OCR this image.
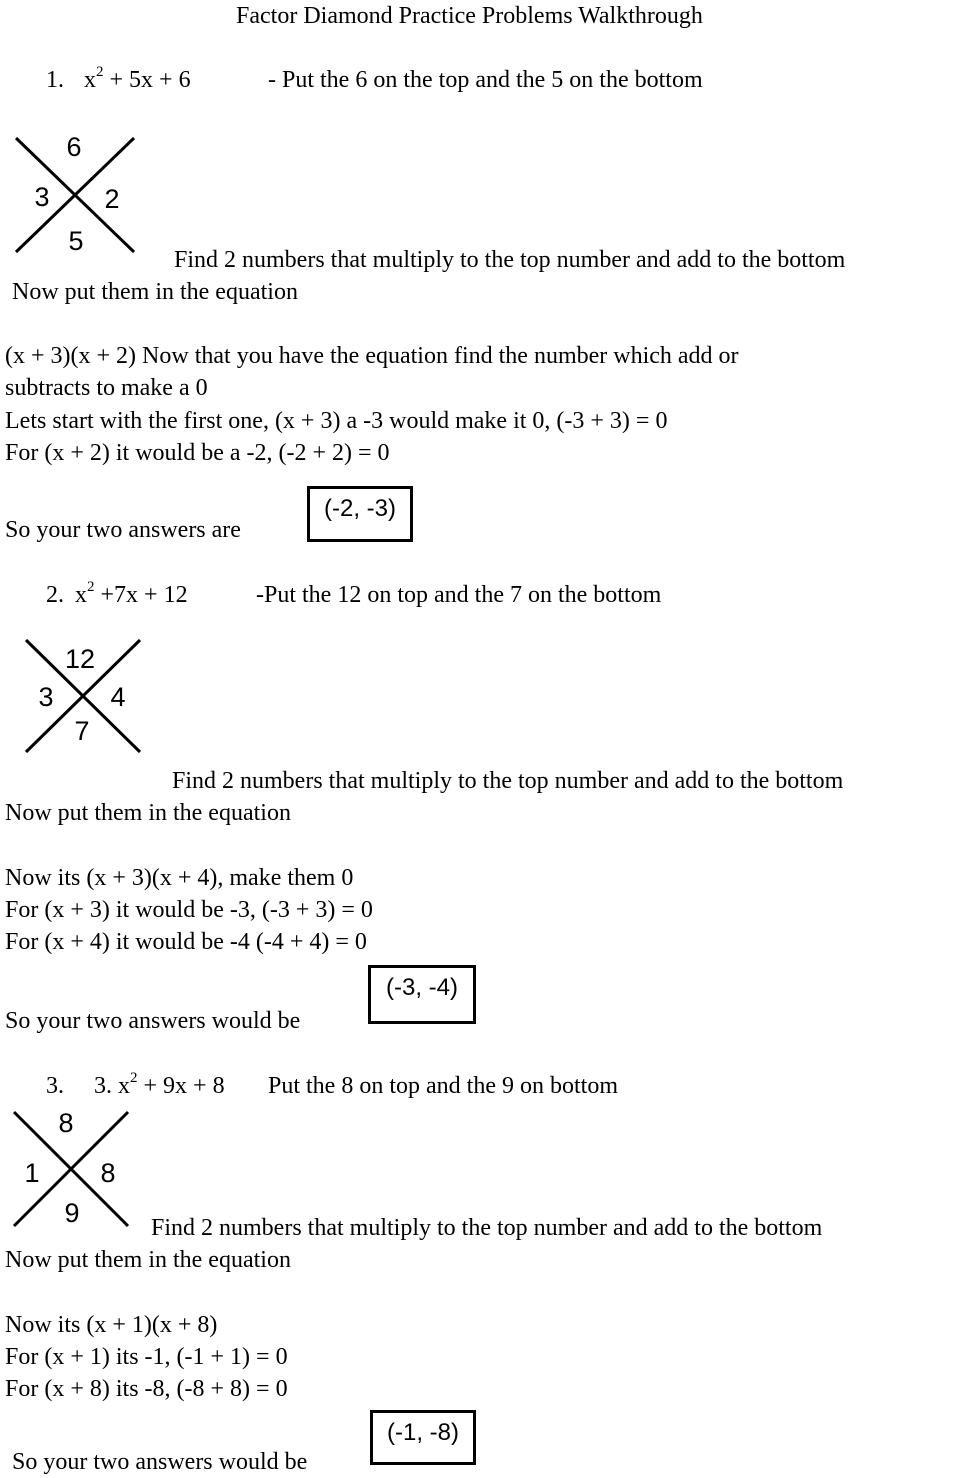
Factor Diamond Practice Problems Walkthrough
1. $x^2 + 5x + 6$	- Put the 6 on the top and the 5 on the bottom
6
3 2
5
Find 2 numbers that multiply to the top number and add to the bottom
Now put them in the equation
(x + 3)(x + 2) Now that you have the equation find the number which add or
subtracts to make a 0
Lets start with the first one, (x + 3) a -3 would make it 0, (-3 + 3) = 0
For (x + 2) it would be a -2, (-2 + 2) = 0
So your two answers are
(-2, -3)
2. $x^2 +7x + 12$	-Put the 12 on top and the 7 on the bottom
12
3 4
7
Find 2 numbers that multiply to the top number and add to the bottom
Now put them in the equation
Now its (x + 3)(x + 4), make them 0
For (x + 3) it would be -3, (-3 + 3) = 0
For (x + 4) it would be -4 (-4 + 4) = 0
So your two answers would be
(-3, -4)
3. 3. $x^2 + 9x + 8$ Put the 8 on top and the 9 on bottom
8
1 8
9	Find 2 numbers that multiply to the top number and add to the bottom
Now put them in the equation
Now its (x + 1)(x + 8)
For (x + 1) its -1, (-1 + 1) = 0
For (x + 8) its -8, (-8 + 8) = 0
So your two answers would be
(-1, -8)
